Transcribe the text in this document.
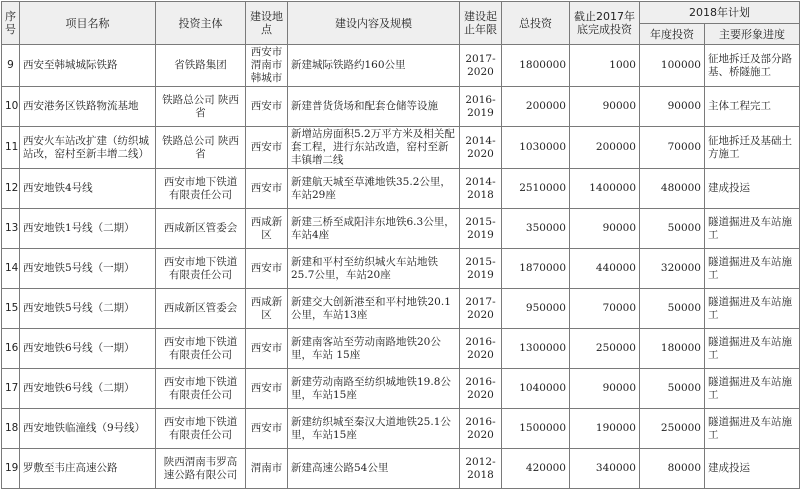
序号	项目名称	投资主体	建设地点	建设内容及规模	建设起止年限	总投资	截止2017年底完成投资	2018年计划	
								年度投资	主要形象进度
9	西安至韩城城际铁路	省铁路集团	西安市 渭南市 韩城市	新建城际铁路约160公里	2017-2020	1800000	1000	100000	征地拆迁及部分路基、桥隧施工
10	西安港务区铁路物流基地	铁路总公司 陕西省	西安市	新建普货货场和配套仓储等设施	2016-2019	200000	90000	90000	主体工程完工
11	西安火车站改扩建（纺织城站改，窑村至新丰增二线）	铁路总公司 陕西省	西安市	新增站房面积5.2万平方米及相关配套工程，进行东站改造，窑村至新丰镇增二线	2014-2020	1030000	200000	70000	征地拆迁及基础土方施工
12	西安地铁4号线	西安市地下铁道有限责任公司	西安市	新建航天城至草滩地铁35.2公里，车站29座	2014-2018	2510000	1400000	480000	建成投运
13	西安地铁1号线（二期）	西咸新区管委会	西咸新区	新建三桥至咸阳沣东地铁6.3公里，车站4座	2015-2019	350000	90000	50000	隧道掘进及车站施工
14	西安地铁5号线（一期）	西安市地下铁道有限责任公司	西安市	新建和平村至纺织城火车站地铁25.7公里，车站20座	2015-2019	1870000	440000	320000	隧道掘进及车站施工
15	西安地铁5号线（二期）	西咸新区管委会	西咸新区	新建交大创新港至和平村地铁20.1公里，车站13座	2017-2020	950000	70000	50000	隧道掘进及车站施工
16	西安地铁6号线（一期）	西安市地下铁道有限责任公司	西安市	新建南客站至劳动南路地铁20公里，车站 15座	2016-2020	1300000	250000	180000	隧道掘进及车站施工
17	西安地铁6号线（二期）	西安市地下铁道有限责任公司	西安市	新建劳动南路至纺织城地铁19.8公里，车站15座	2016-2020	1040000	90000	50000	隧道掘进及车站施工
18	西安地铁临潼线（9号线）	西安市地下铁道有限责任公司	西安市	新建纺织城至秦汉大道地铁25.1公里，车站15座	2016-2020	1500000	190000	250000	隧道掘进及车站施工
19	罗敷至韦庄高速公路	陕西渭南韦罗高速公路有限公司	渭南市	新建高速公路54公里	2012-2018	420000	340000	80000	建成投运
